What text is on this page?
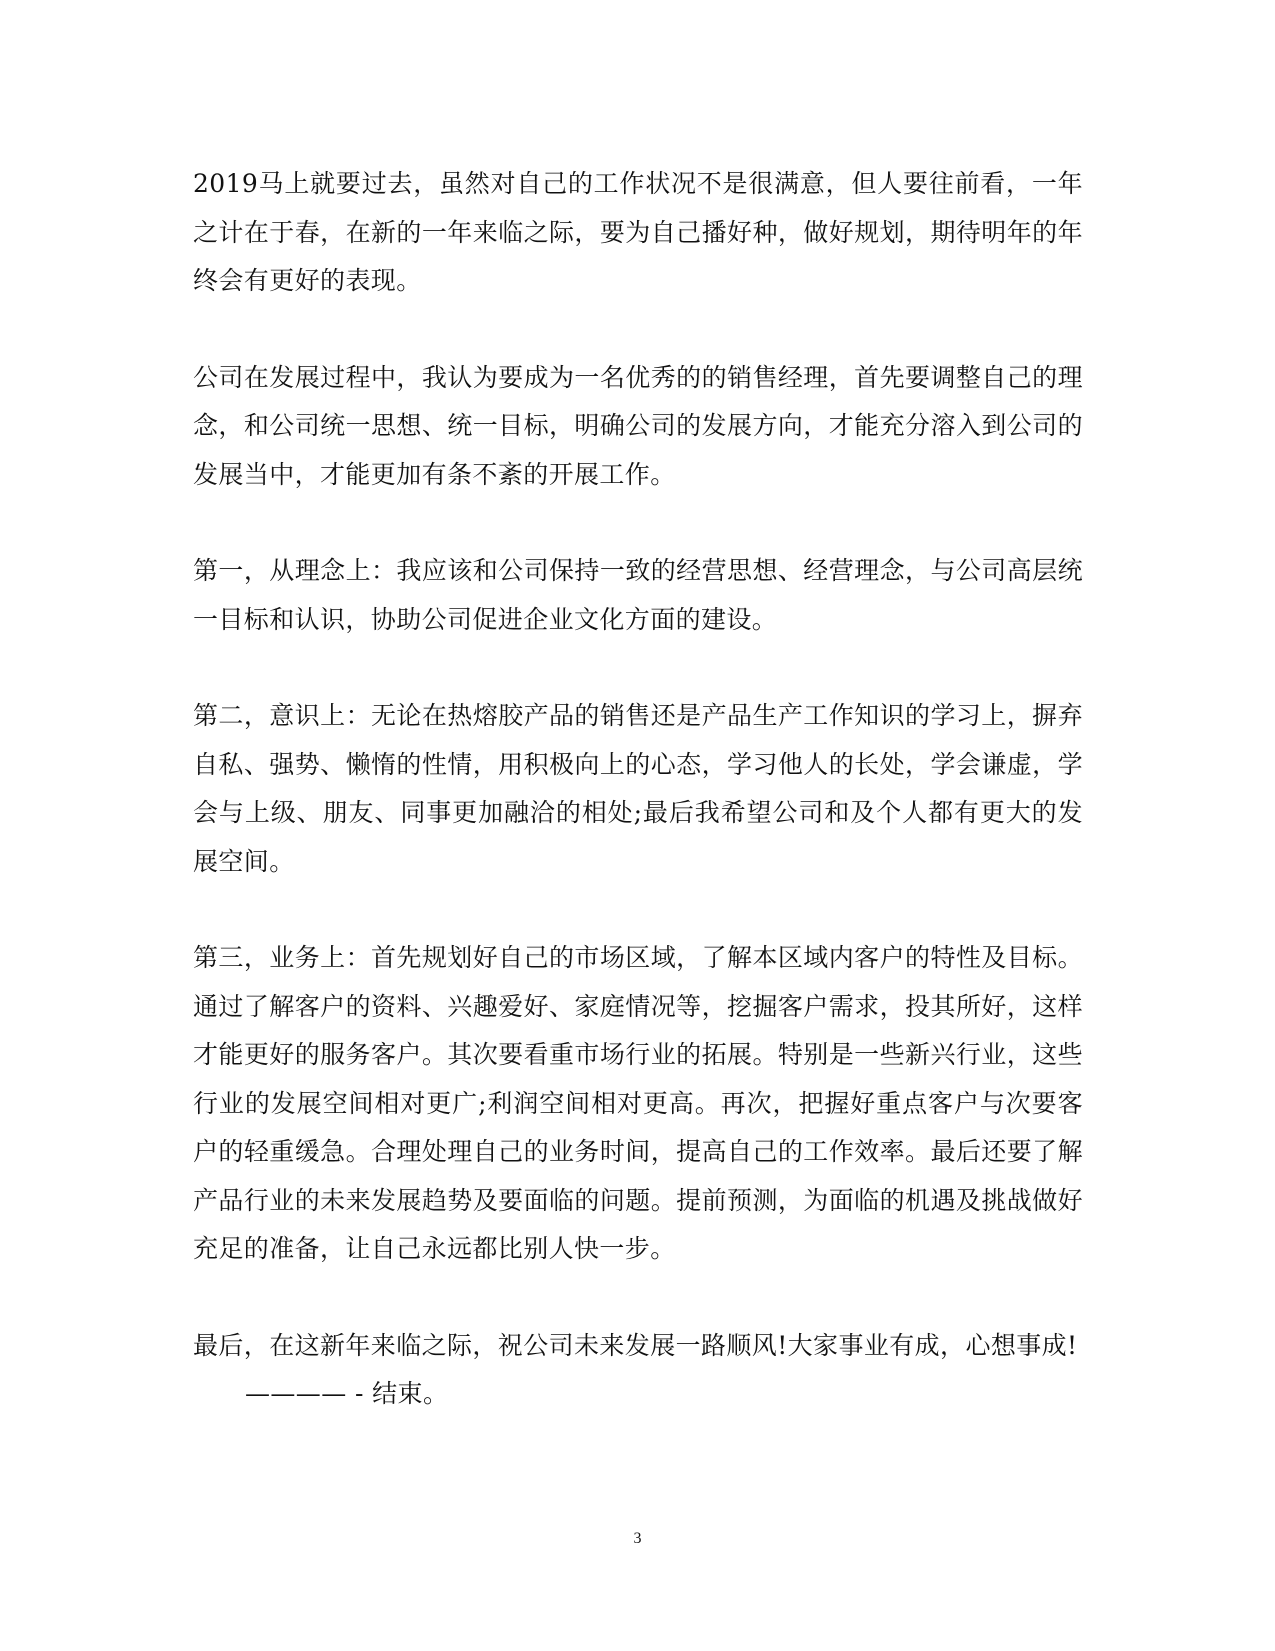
2019马上就要过去，虽然对自己的工作状况不是很满意，但人要往前看，一年之计在于春，在新的一年来临之际，要为自己播好种，做好规划，期待明年的年终会有更好的表现。

公司在发展过程中，我认为要成为一名优秀的的销售经理，首先要调整自己的理念，和公司统一思想、统一目标，明确公司的发展方向，才能充分溶入到公司的发展当中，才能更加有条不紊的开展工作。

第一，从理念上：我应该和公司保持一致的经营思想、经营理念，与公司高层统一目标和认识，协助公司促进企业文化方面的建设。

第二，意识上：无论在热熔胶产品的销售还是产品生产工作知识的学习上，摒弃自私、强势、懒惰的性情，用积极向上的心态，学习他人的长处，学会谦虚，学会与上级、朋友、同事更加融洽的相处;最后我希望公司和及个人都有更大的发展空间。

第三，业务上：首先规划好自己的市场区域，了解本区域内客户的特性及目标。通过了解客户的资料、兴趣爱好、家庭情况等，挖掘客户需求，投其所好，这样才能更好的服务客户。其次要看重市场行业的拓展。特别是一些新兴行业，这些行业的发展空间相对更广;利润空间相对更高。再次，把握好重点客户与次要客户的轻重缓急。合理处理自己的业务时间，提高自己的工作效率。最后还要了解产品行业的未来发展趋势及要面临的问题。提前预测，为面临的机遇及挑战做好充足的准备，让自己永远都比别人快一步。

最后，在这新年来临之际，祝公司未来发展一路顺风!大家事业有成，心想事成!

———— - 结束。

3
